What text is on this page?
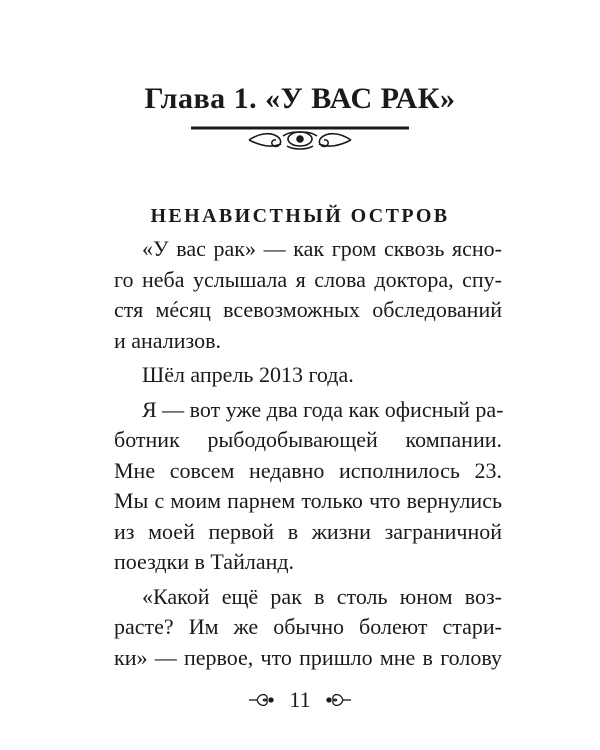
Глава 1. «У ВАС РАК»
НЕНАВИСТНЫЙ ОСТРОВ
«У вас рак» — как гром сквозь ясно-
го неба услышала я слова доктора, спу-
стя мéсяц всевозможных обследований
и анализов.
Шёл апрель 2013 года.
Я — вот уже два года как офисный ра-
ботник рыбодобывающей компании.
Мне совсем недавно исполнилось 23.
Мы с моим парнем только что вернулись
из моей первой в жизни заграничной
поездки в Тайланд.
«Какой ещё рак в столь юном воз-
расте? Им же обычно болеют стари-
ки» — первое, что пришло мне в голову
11
